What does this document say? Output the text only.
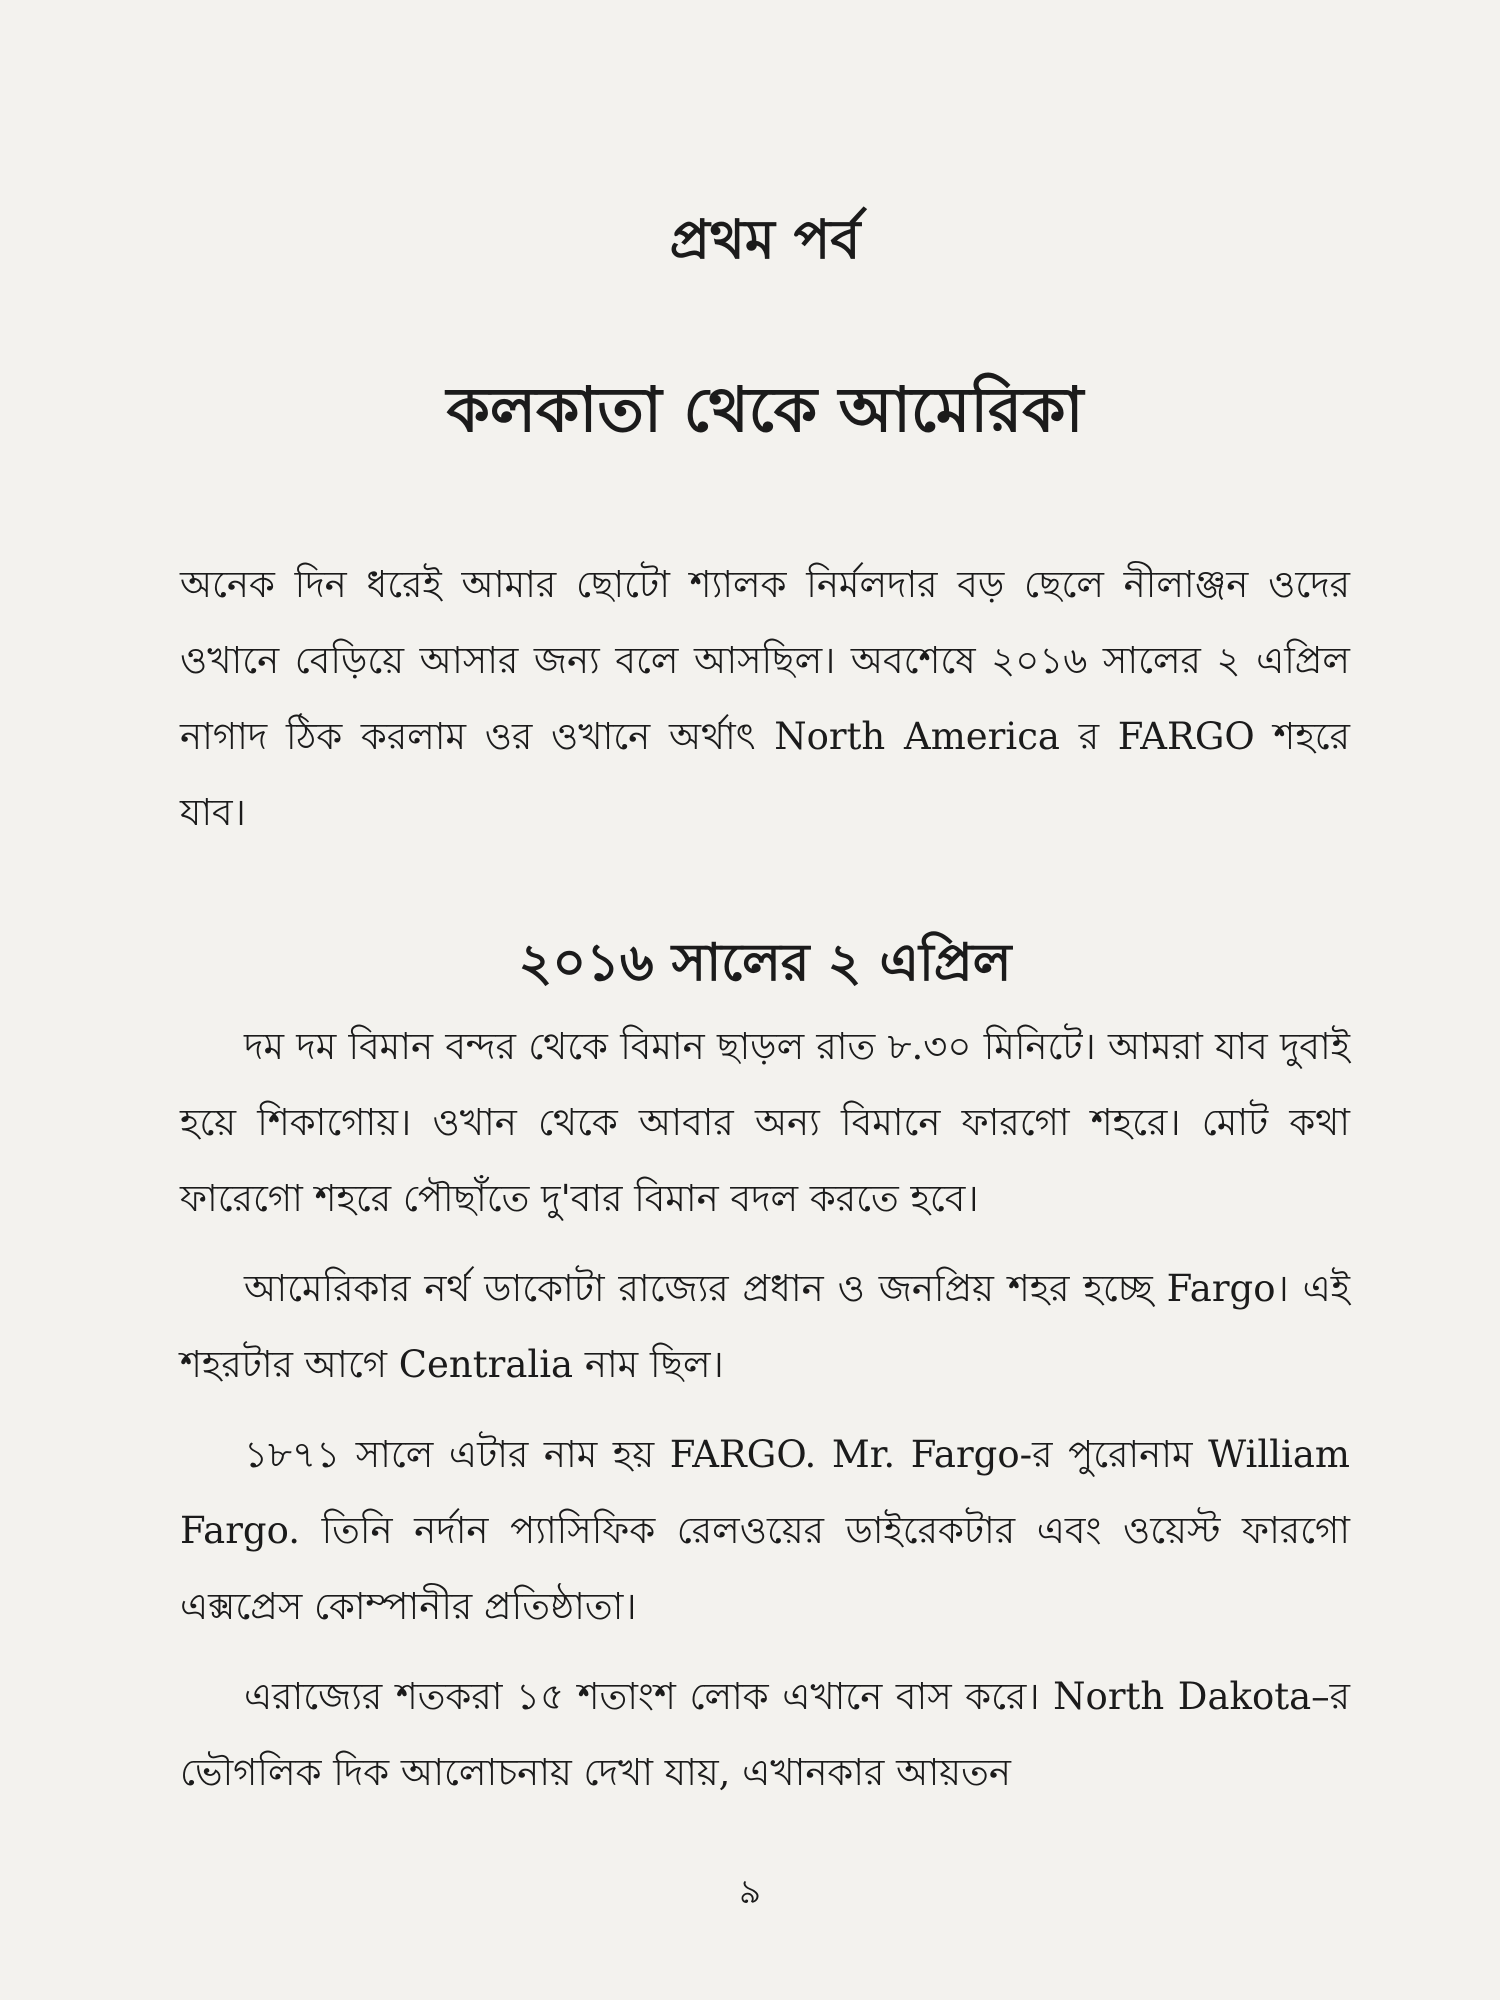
প্রথম পর্ব
কলকাতা থেকে আমেরিকা

অনেক দিন ধরেই আমার ছোটো শ্যালক নির্মলদার বড় ছেলে নীলাঞ্জন ওদের ওখানে বেড়িয়ে আসার জন্য বলে আসছিল। অবশেষে ২০১৬ সালের ২ এপ্রিল নাগাদ ঠিক করলাম ওর ওখানে অর্থাৎ North America র FARGO শহরে যাব।

২০১৬ সালের ২ এপ্রিল

দম দম বিমান বন্দর থেকে বিমান ছাড়ল রাত ৮.৩০ মিনিটে। আমরা যাব দুবাই হয়ে শিকাগোয়। ওখান থেকে আবার অন্য বিমানে ফারগো শহরে। মোট কথা ফারেগো শহরে পৌছাঁতে দু'বার বিমান বদল করতে হবে।

আমেরিকার নর্থ ডাকোটা রাজ্যের প্রধান ও জনপ্রিয় শহর হচ্ছে Fargo। এই শহরটার আগে Centralia নাম ছিল।

১৮৭১ সালে এটার নাম হয় FARGO. Mr. Fargo-র পুরোনাম William Fargo. তিনি নর্দান প্যাসিফিক রেলওয়ের ডাইরেকটার এবং ওয়েস্ট ফারগো এক্সপ্রেস কোম্পানীর প্রতিষ্ঠাতা।

এরাজ্যের শতকরা ১৫ শতাংশ লোক এখানে বাস করে। North Dakota–র ভৌগলিক দিক আলোচনায় দেখা যায়, এখানকার আয়তন

৯
